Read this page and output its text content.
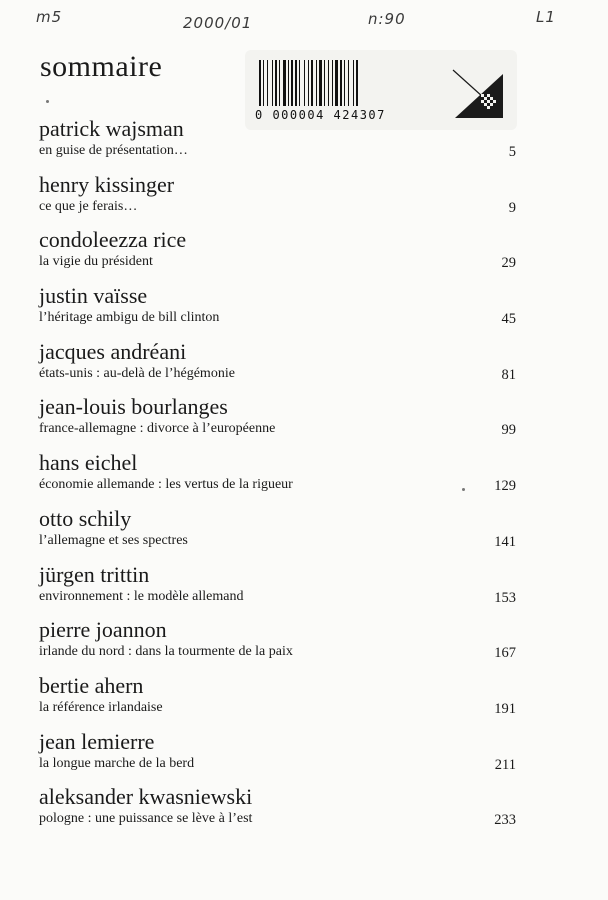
m5	2000/01	n:90	L1
sommaire
0 000004 424307
patrick wajsman
en guise de présentation…	5
henry kissinger
ce que je ferais…	9
condoleezza rice
la vigie du président	29
justin vaïsse
l’héritage ambigu de bill clinton	45
jacques andréani
états-unis : au-delà de l’hégémonie	81
jean-louis bourlanges
france-allemagne : divorce à l’européenne	99
hans eichel
économie allemande : les vertus de la rigueur	129
otto schily
l’allemagne et ses spectres	141
jürgen trittin
environnement : le modèle allemand	153
pierre joannon
irlande du nord : dans la tourmente de la paix	167
bertie ahern
la référence irlandaise	191
jean lemierre
la longue marche de la berd	211
aleksander kwasniewski
pologne : une puissance se lève à l’est	233
